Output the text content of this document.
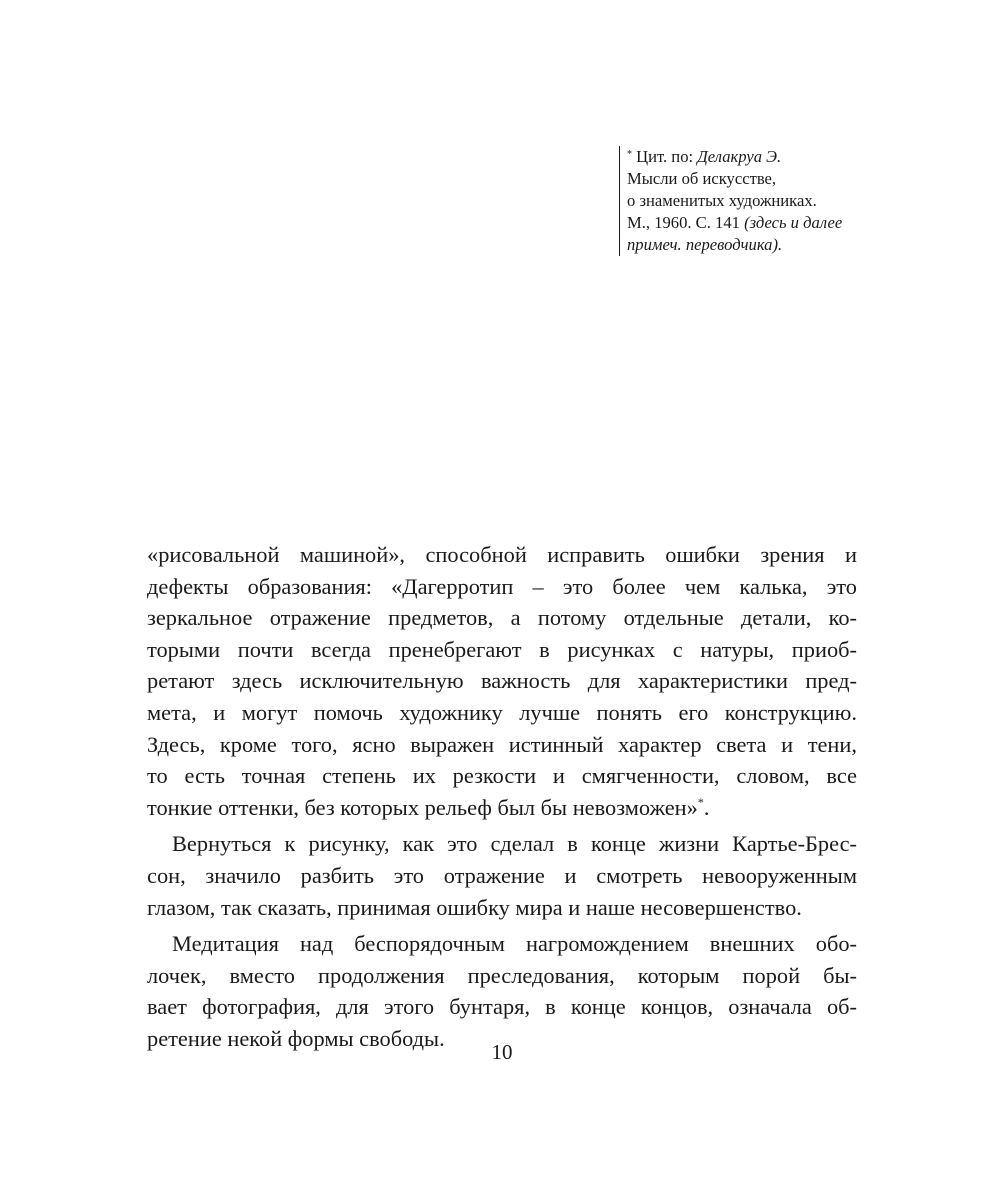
* Цит. по: Делакруа Э.
Мысли об искусстве,
о знаменитых художниках.
М., 1960. С. 141 (здесь и далее
примеч. переводчика).
«рисовальной машиной», способной исправить ошибки зрения и
дефекты образования: «Дагерротип – это более чем калька, это
зеркальное отражение предметов, а потому отдельные детали, ко-
торыми почти всегда пренебрегают в рисунках с натуры, приоб-
ретают здесь исключительную важность для характеристики пред-
мета, и могут помочь художнику лучше понять его конструкцию.
Здесь, кроме того, ясно выражен истинный характер света и тени,
то есть точная степень их резкости и смягченности, словом, все
тонкие оттенки, без которых рельеф был бы невозможен»*.
Вернуться к рисунку, как это сделал в конце жизни Картье-Брес-
сон, значило разбить это отражение и смотреть невооруженным
глазом, так сказать, принимая ошибку мира и наше несовершенство.
Медитация над беспорядочным нагромождением внешних обо-
лочек, вместо продолжения преследования, которым порой бы-
вает фотография, для этого бунтаря, в конце концов, означала об-
ретение некой формы свободы.
10
